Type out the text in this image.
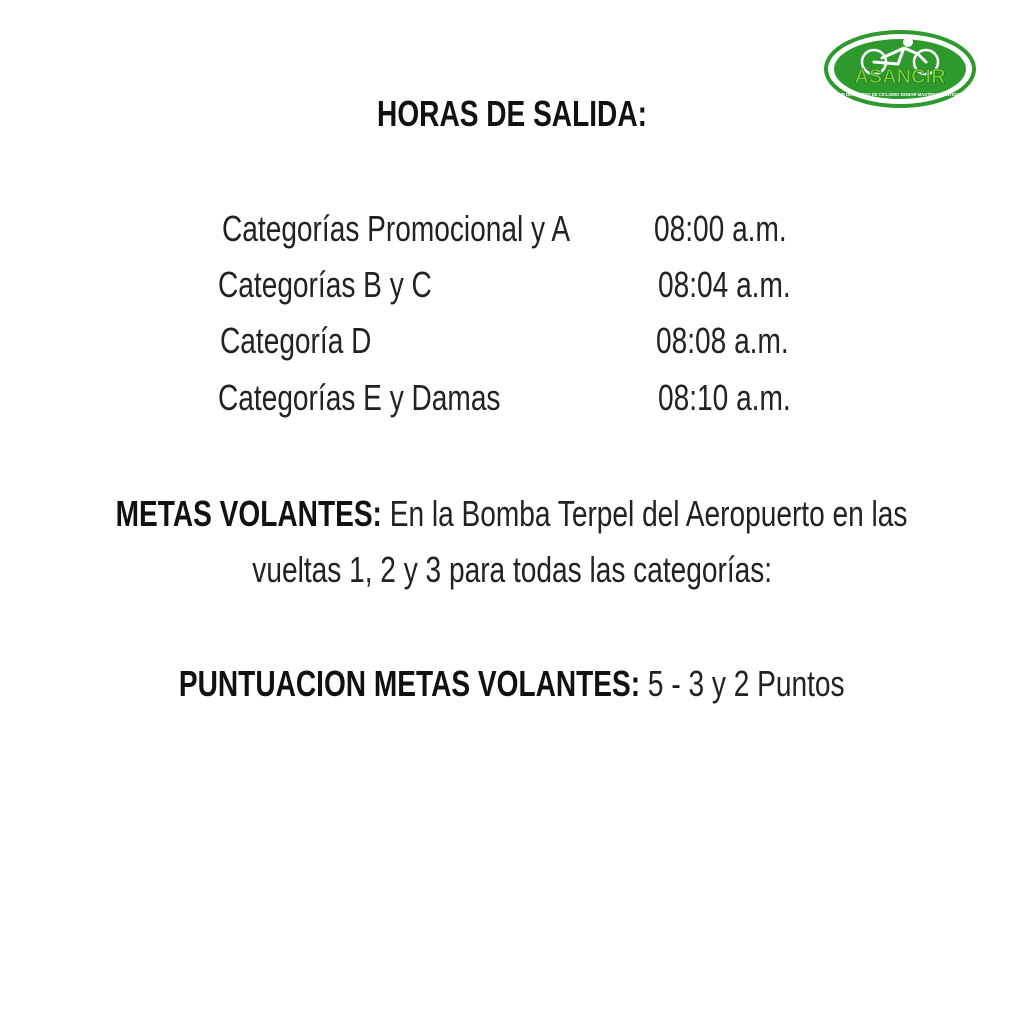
ASANCIR
CLUB DEPORTIVO DE CICLISMO SENIOR MASTER DE ANTIOQUIA
HORAS DE SALIDA:
Categorías Promocional y A	08:00 a.m.
Categorías B y C	08:04 a.m.
Categoría D	08:08 a.m.
Categorías E y Damas	08:10 a.m.
METAS VOLANTES: En la Bomba Terpel del Aeropuerto en las
vueltas 1, 2 y 3 para todas las categorías:
PUNTUACION METAS VOLANTES: 5 - 3 y 2 Puntos
